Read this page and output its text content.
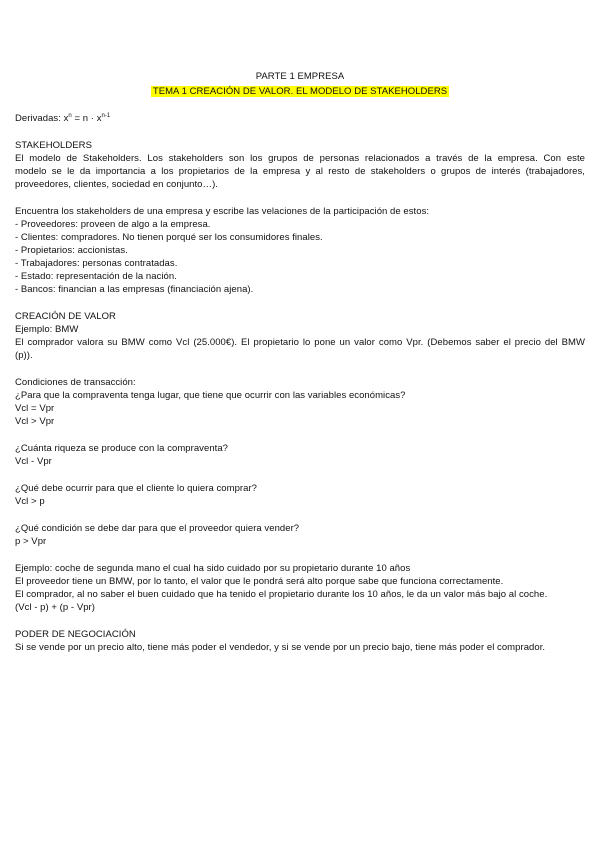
PARTE 1 EMPRESA
TEMA 1 CREACIÓN DE VALOR. EL MODELO DE STAKEHOLDERS
Derivadas: $x^n = n \cdot x^{n-1}$
STAKEHOLDERS
El modelo de Stakeholders. Los stakeholders son los grupos de personas relacionados a través de la empresa. Con este
modelo se le da importancia a los propietarios de la empresa y al resto de stakeholders o grupos de interés (trabajadores,
proveedores, clientes, sociedad en conjunto…).
Encuentra los stakeholders de una empresa y escribe las velaciones de la participación de estos:
- Proveedores: proveen de algo a la empresa.
- Clientes: compradores. No tienen porqué ser los consumidores finales.
- Propietarios: accionistas.
- Trabajadores: personas contratadas.
- Estado: representación de la nación.
- Bancos: financian a las empresas (financiación ajena).
CREACIÓN DE VALOR
Ejemplo: BMW
El comprador valora su BMW como Vcl (25.000€). El propietario lo pone un valor como Vpr. (Debemos saber el precio del BMW
(p)).
Condiciones de transacción:
¿Para que la compraventa tenga lugar, que tiene que ocurrir con las variables económicas?
Vcl = Vpr
Vcl > Vpr
¿Cuánta riqueza se produce con la compraventa?
Vcl - Vpr
¿Qué debe ocurrir para que el cliente lo quiera comprar?
Vcl > p
¿Qué condición se debe dar para que el proveedor quiera vender?
p > Vpr
Ejemplo: coche de segunda mano el cual ha sido cuidado por su propietario durante 10 años
El proveedor tiene un BMW, por lo tanto, el valor que le pondrá será alto porque sabe que funciona correctamente.
El comprador, al no saber el buen cuidado que ha tenido el propietario durante los 10 años, le da un valor más bajo al coche.
(Vcl - p) + (p - Vpr)
PODER DE NEGOCIACIÓN
Si se vende por un precio alto, tiene más poder el vendedor, y si se vende por un precio bajo, tiene más poder el comprador.
